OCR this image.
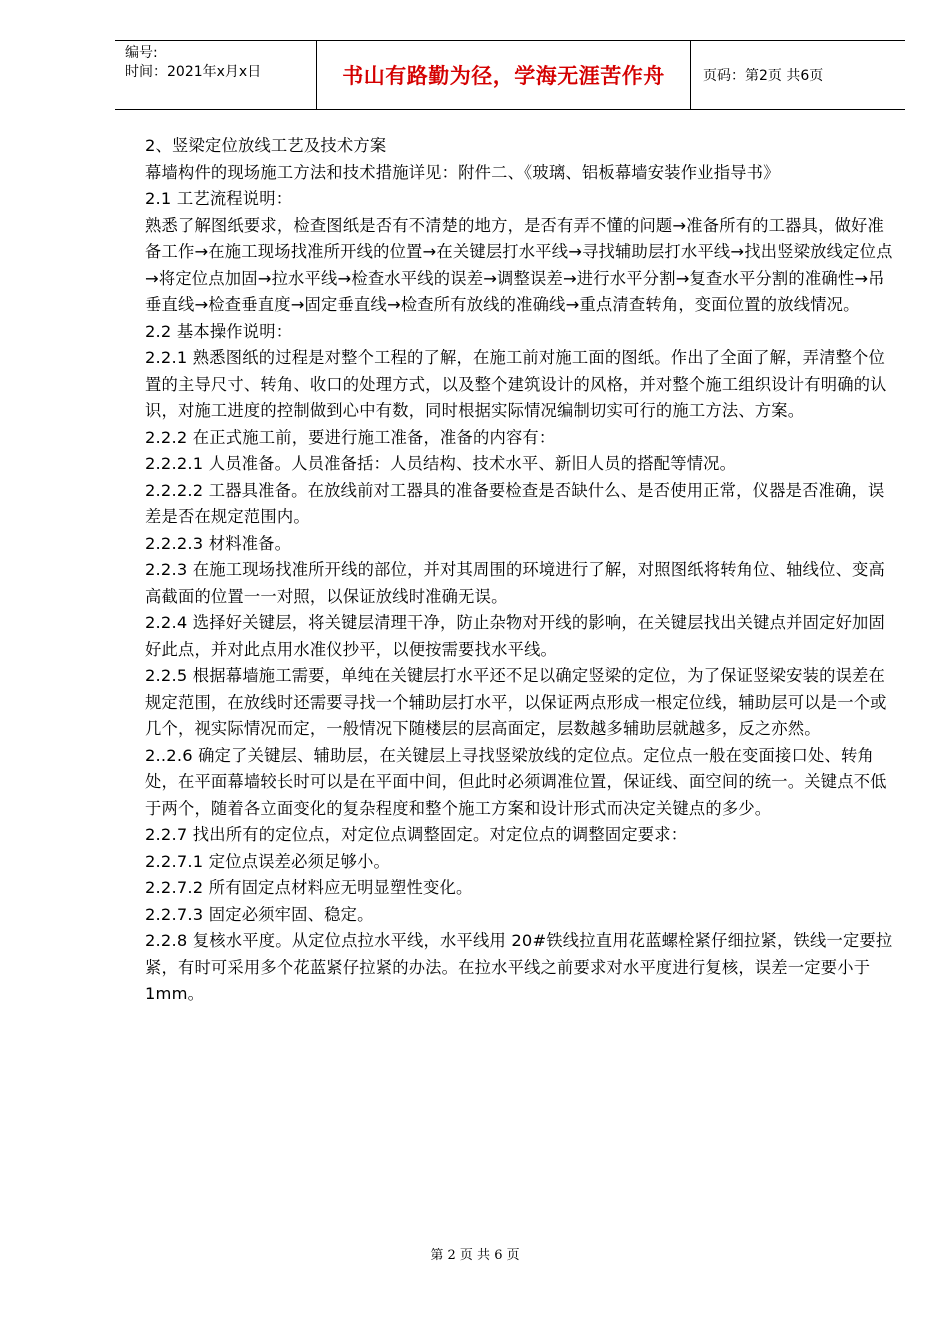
编号:
时间：2021年x月x日	书山有路勤为径，学海无涯苦作舟	页码：第2页 共6页

2、竖梁定位放线工艺及技术方案

幕墙构件的现场施工方法和技术措施详见：附件二、《玻璃、铝板幕墙安装作业指导书》

2.1 工艺流程说明：

熟悉了解图纸要求，检查图纸是否有不清楚的地方，是否有弄不懂的问题→准备所有的工器具，做好准备工作→在施工现场找准所开线的位置→在关键层打水平线→寻找辅助层打水平线→找出竖梁放线定位点→将定位点加固→拉水平线→检查水平线的误差→调整误差→进行水平分割→复查水平分割的准确性→吊垂直线→检查垂直度→固定垂直线→检查所有放线的准确线→重点清查转角，变面位置的放线情况。

2.2 基本操作说明：

2.2.1 熟悉图纸的过程是对整个工程的了解，在施工前对施工面的图纸。作出了全面了解，弄清整个位置的主导尺寸、转角、收口的处理方式，以及整个建筑设计的风格，并对整个施工组织设计有明确的认识，对施工进度的控制做到心中有数，同时根据实际情况编制切实可行的施工方法、方案。

2.2.2 在正式施工前，要进行施工准备，准备的内容有：

2.2.2.1 人员准备。人员准备括：人员结构、技术水平、新旧人员的搭配等情况。

2.2.2.2 工器具准备。在放线前对工器具的准备要检查是否缺什么、是否使用正常，仪器是否准确，误差是否在规定范围内。

2.2.2.3 材料准备。

2.2.3 在施工现场找准所开线的部位，并对其周围的环境进行了解，对照图纸将转角位、轴线位、变高高截面的位置一一对照，以保证放线时准确无误。

2.2.4 选择好关键层，将关键层清理干净，防止杂物对开线的影响，在关键层找出关键点并固定好加固好此点，并对此点用水准仪抄平，以便按需要找水平线。

2.2.5 根据幕墙施工需要，单纯在关键层打水平还不足以确定竖梁的定位，为了保证竖梁安装的误差在规定范围，在放线时还需要寻找一个辅助层打水平，以保证两点形成一根定位线，辅助层可以是一个或几个，视实际情况而定，一般情况下随楼层的层高面定，层数越多辅助层就越多，反之亦然。

2..2.6 确定了关键层、辅助层，在关键层上寻找竖梁放线的定位点。定位点一般在变面接口处、转角处，在平面幕墙较长时可以是在平面中间，但此时必须调准位置，保证线、面空间的统一。关键点不低于两个，随着各立面变化的复杂程度和整个施工方案和设计形式而决定关键点的多少。

2.2.7 找出所有的定位点，对定位点调整固定。对定位点的调整固定要求：

2.2.7.1 定位点误差必须足够小。

2.2.7.2 所有固定点材料应无明显塑性变化。

2.2.7.3 固定必须牢固、稳定。

2.2.8 复核水平度。从定位点拉水平线，水平线用 20#铁线拉直用花蓝螺栓紧仔细拉紧，铁线一定要拉紧，有时可采用多个花蓝紧仔拉紧的办法。在拉水平线之前要求对水平度进行复核，误差一定要小于 1mm。

第 2 页 共 6 页
